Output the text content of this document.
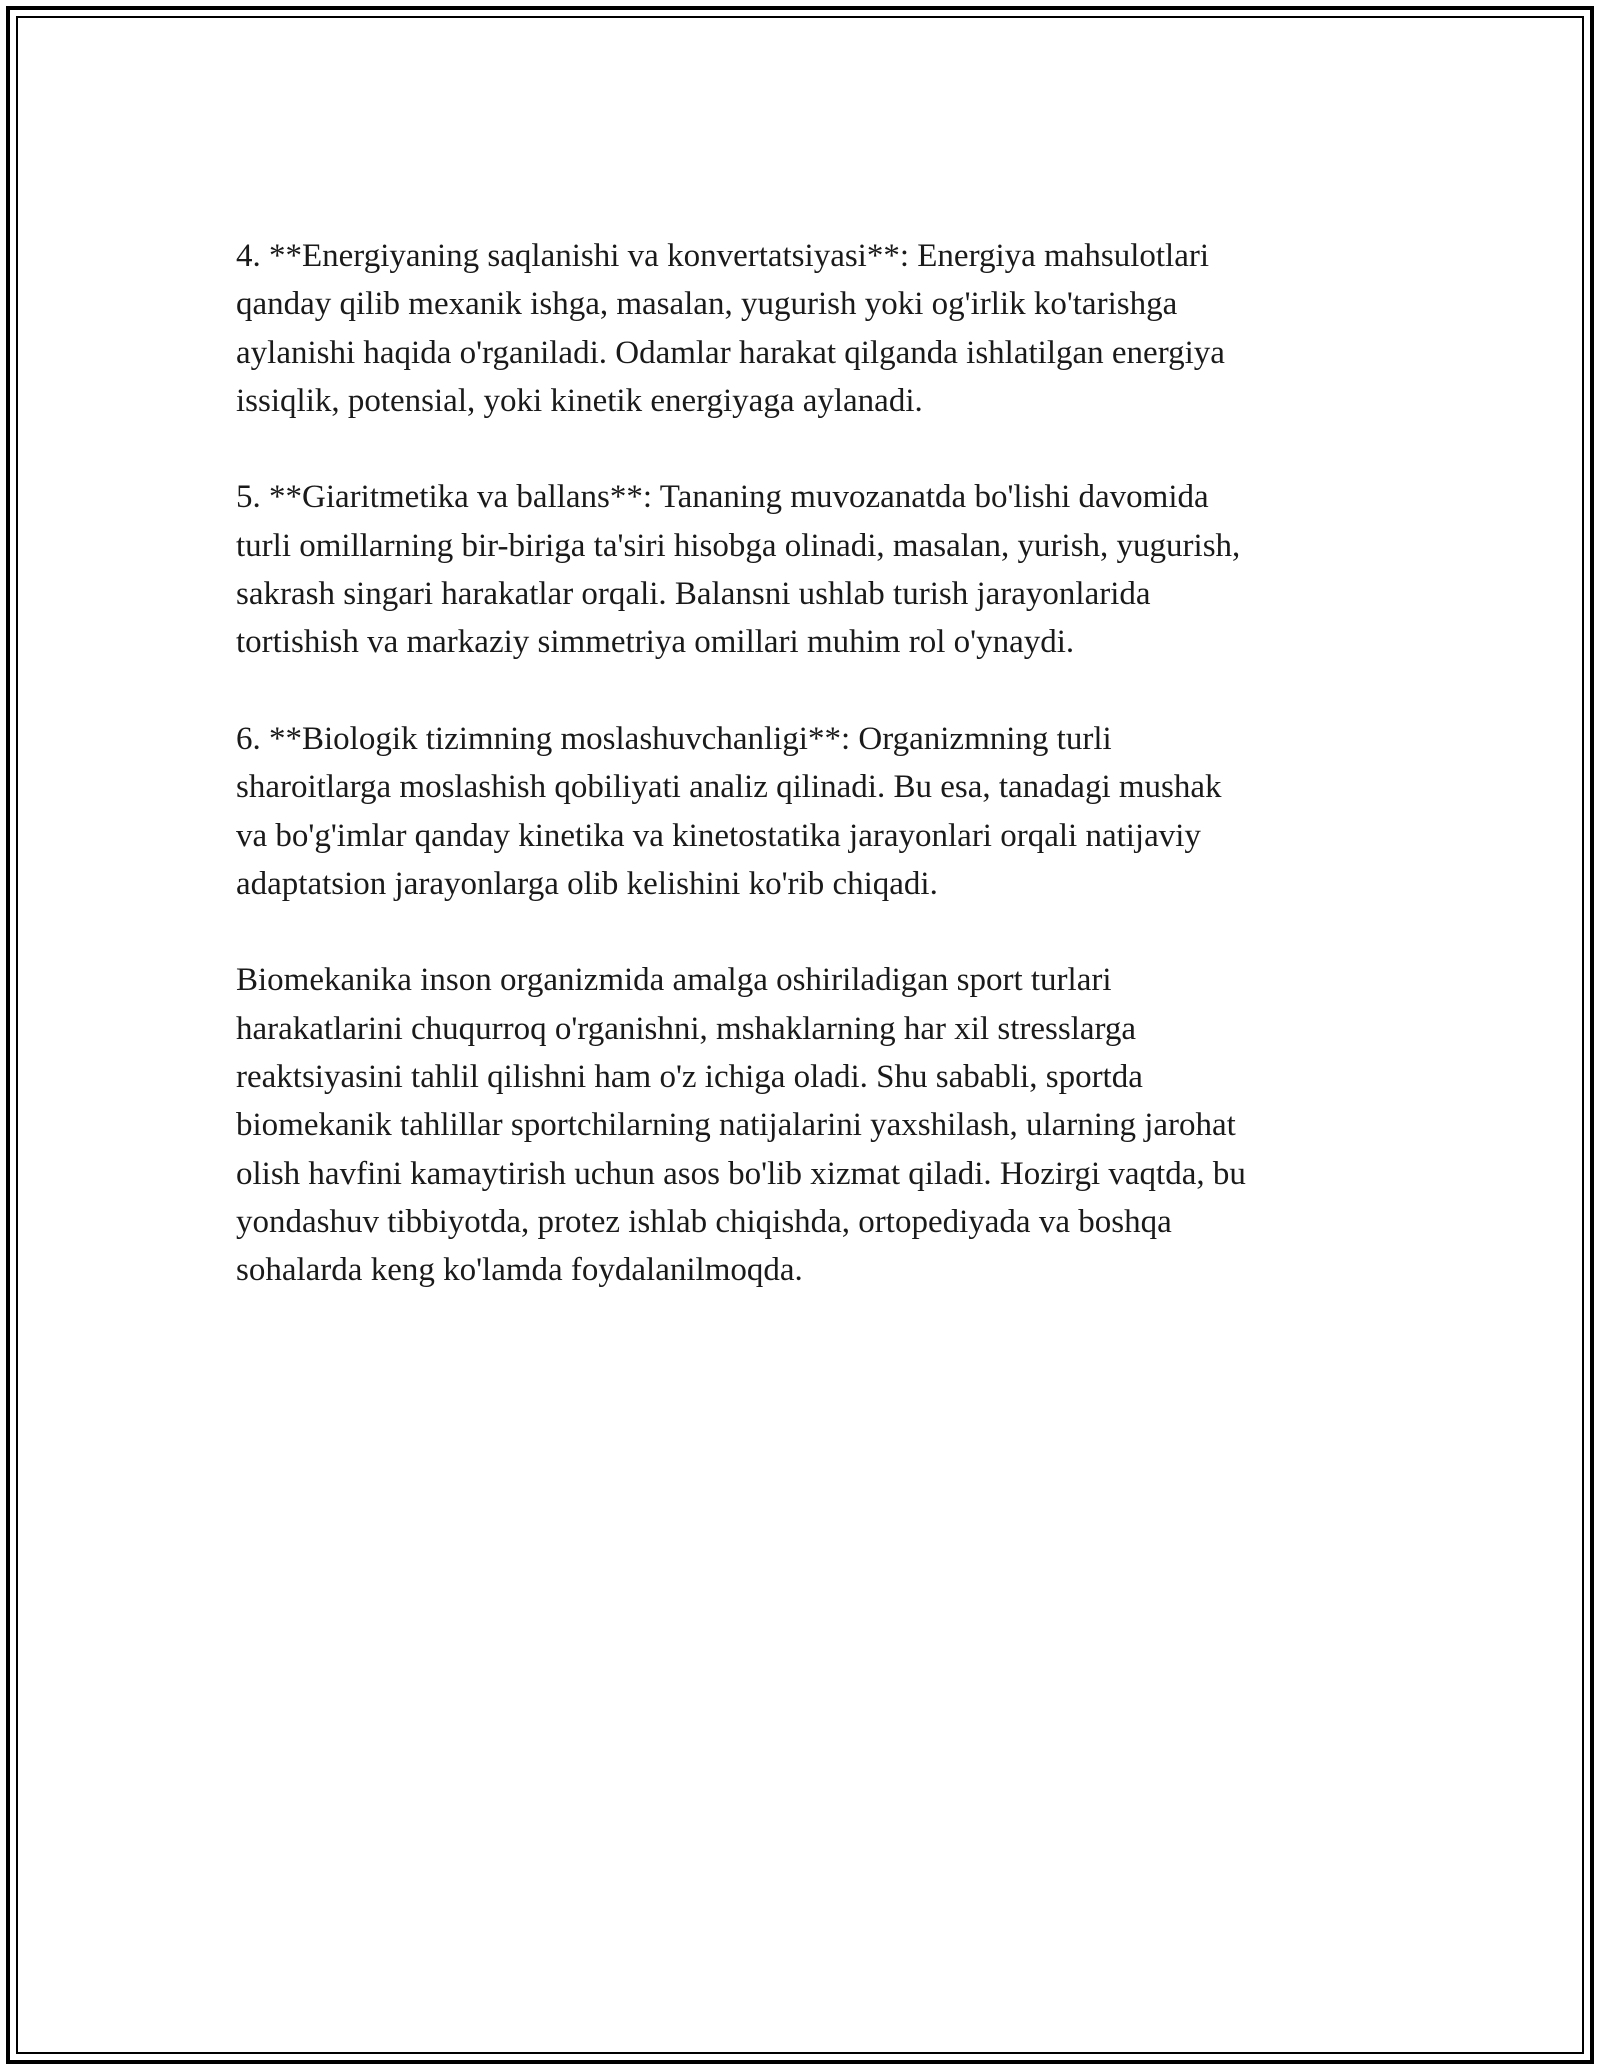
4. **Energiyaning saqlanishi va konvertatsiyasi**: Energiya mahsulotlari
qanday qilib mexanik ishga, masalan, yugurish yoki og'irlik ko'tarishga
aylanishi haqida o'rganiladi. Odamlar harakat qilganda ishlatilgan energiya
issiqlik, potensial, yoki kinetik energiyaga aylanadi.

5. **Giaritmetika va ballans**: Tananing muvozanatda bo'lishi davomida
turli omillarning bir-biriga ta'siri hisobga olinadi, masalan, yurish, yugurish,
sakrash singari harakatlar orqali. Balansni ushlab turish jarayonlarida
tortishish va markaziy simmetriya omillari muhim rol o'ynaydi.

6. **Biologik tizimning moslashuvchanligi**: Organizmning turli
sharoitlarga moslashish qobiliyati analiz qilinadi. Bu esa, tanadagi mushak
va bo'g'imlar qanday kinetika va kinetostatika jarayonlari orqali natijaviy
adaptatsion jarayonlarga olib kelishini ko'rib chiqadi.

Biomekanika inson organizmida amalga oshiriladigan sport turlari
harakatlarini chuqurroq o'rganishni, mshaklarning har xil stresslarga
reaktsiyasini tahlil qilishni ham o'z ichiga oladi. Shu sababli, sportda
biomekanik tahlillar sportchilarning natijalarini yaxshilash, ularning jarohat
olish havfini kamaytirish uchun asos bo'lib xizmat qiladi. Hozirgi vaqtda, bu
yondashuv tibbiyotda, protez ishlab chiqishda, ortopediyada va boshqa
sohalarda keng ko'lamda foydalanilmoqda.
